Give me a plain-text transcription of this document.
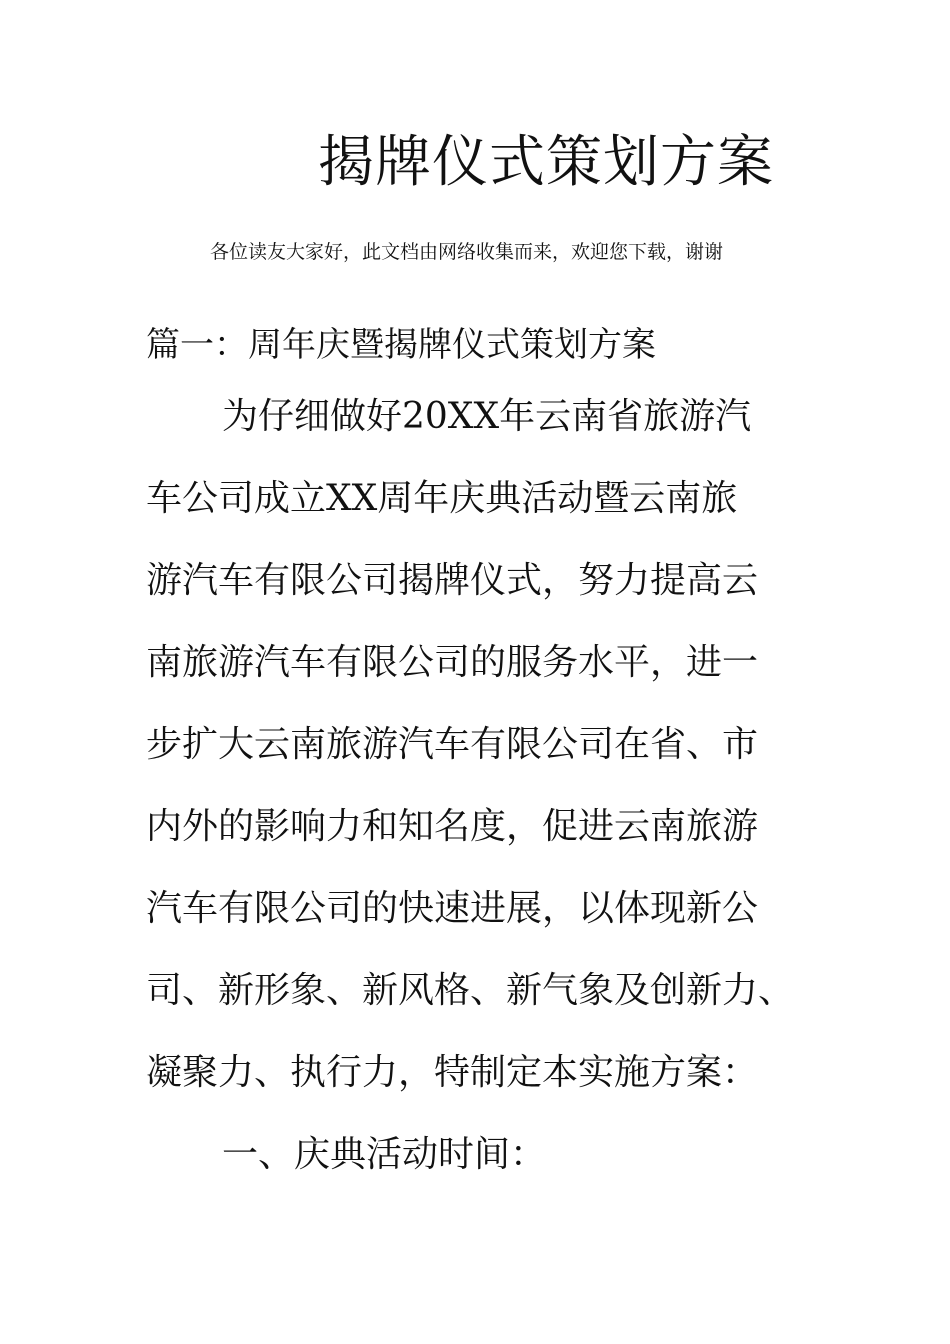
揭牌仪式策划方案
各位读友大家好，此文档由网络收集而来，欢迎您下载，谢谢
篇一：周年庆暨揭牌仪式策划方案
为仔细做好20XX年云南省旅游汽
车公司成立XX周年庆典活动暨云南旅
游汽车有限公司揭牌仪式，努力提高云
南旅游汽车有限公司的服务水平，进一
步扩大云南旅游汽车有限公司在省、市
内外的影响力和知名度，促进云南旅游
汽车有限公司的快速进展，以体现新公
司、新形象、新风格、新气象及创新力、
凝聚力、执行力，特制定本实施方案：
一、庆典活动时间：
